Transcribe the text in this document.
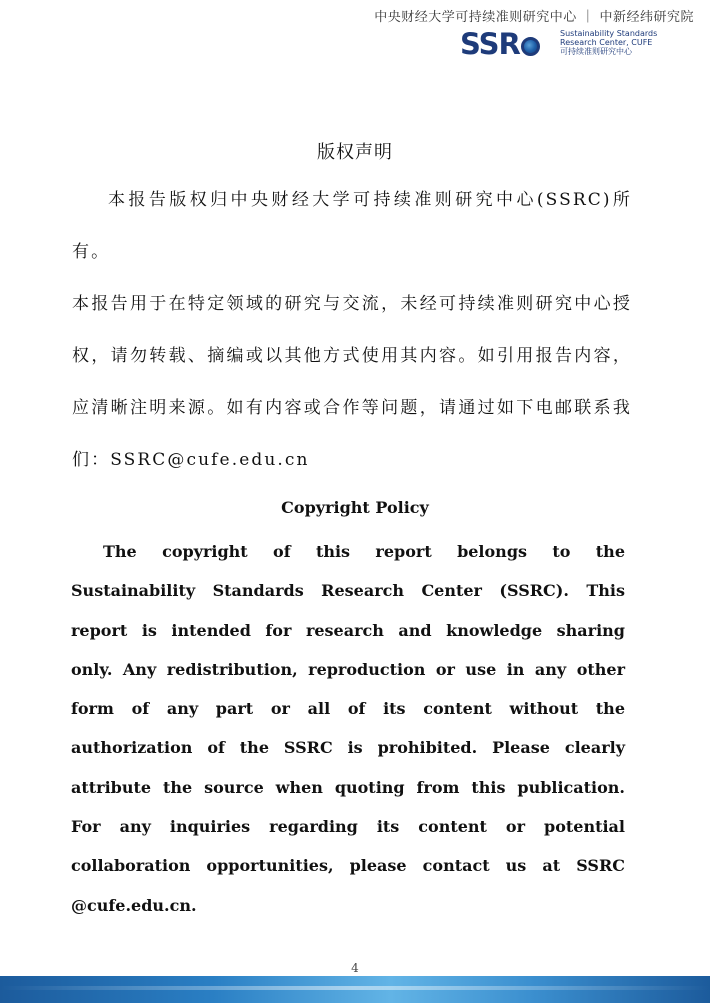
中央财经大学可持续准则研究中心 ｜ 中新经纬研究院
SSR	Sustainability Standards
Research Center, CUFE
可持续准则研究中心
版权声明

本报告版权归中央财经大学可持续准则研究中心(SSRC)所有。

本报告用于在特定领域的研究与交流，未经可持续准则研究中心授权，请勿转载、摘编或以其他方式使用其内容。如引用报告内容，应清晰注明来源。如有内容或合作等问题，请通过如下电邮联系我们：SSRC@cufe.edu.cn

Copyright Policy
The copyright of this report belongs to the Sustainability Standards Research Center (SSRC). This report is intended for research and knowledge sharing only. Any redistribution, reproduction or use in any other form of any part or all of its content without the authorization of the SSRC is prohibited. Please clearly attribute the source when quoting from this publication. For any inquiries regarding its content or potential collaboration opportunities, please contact us at SSRC @cufe.edu.cn.
4
